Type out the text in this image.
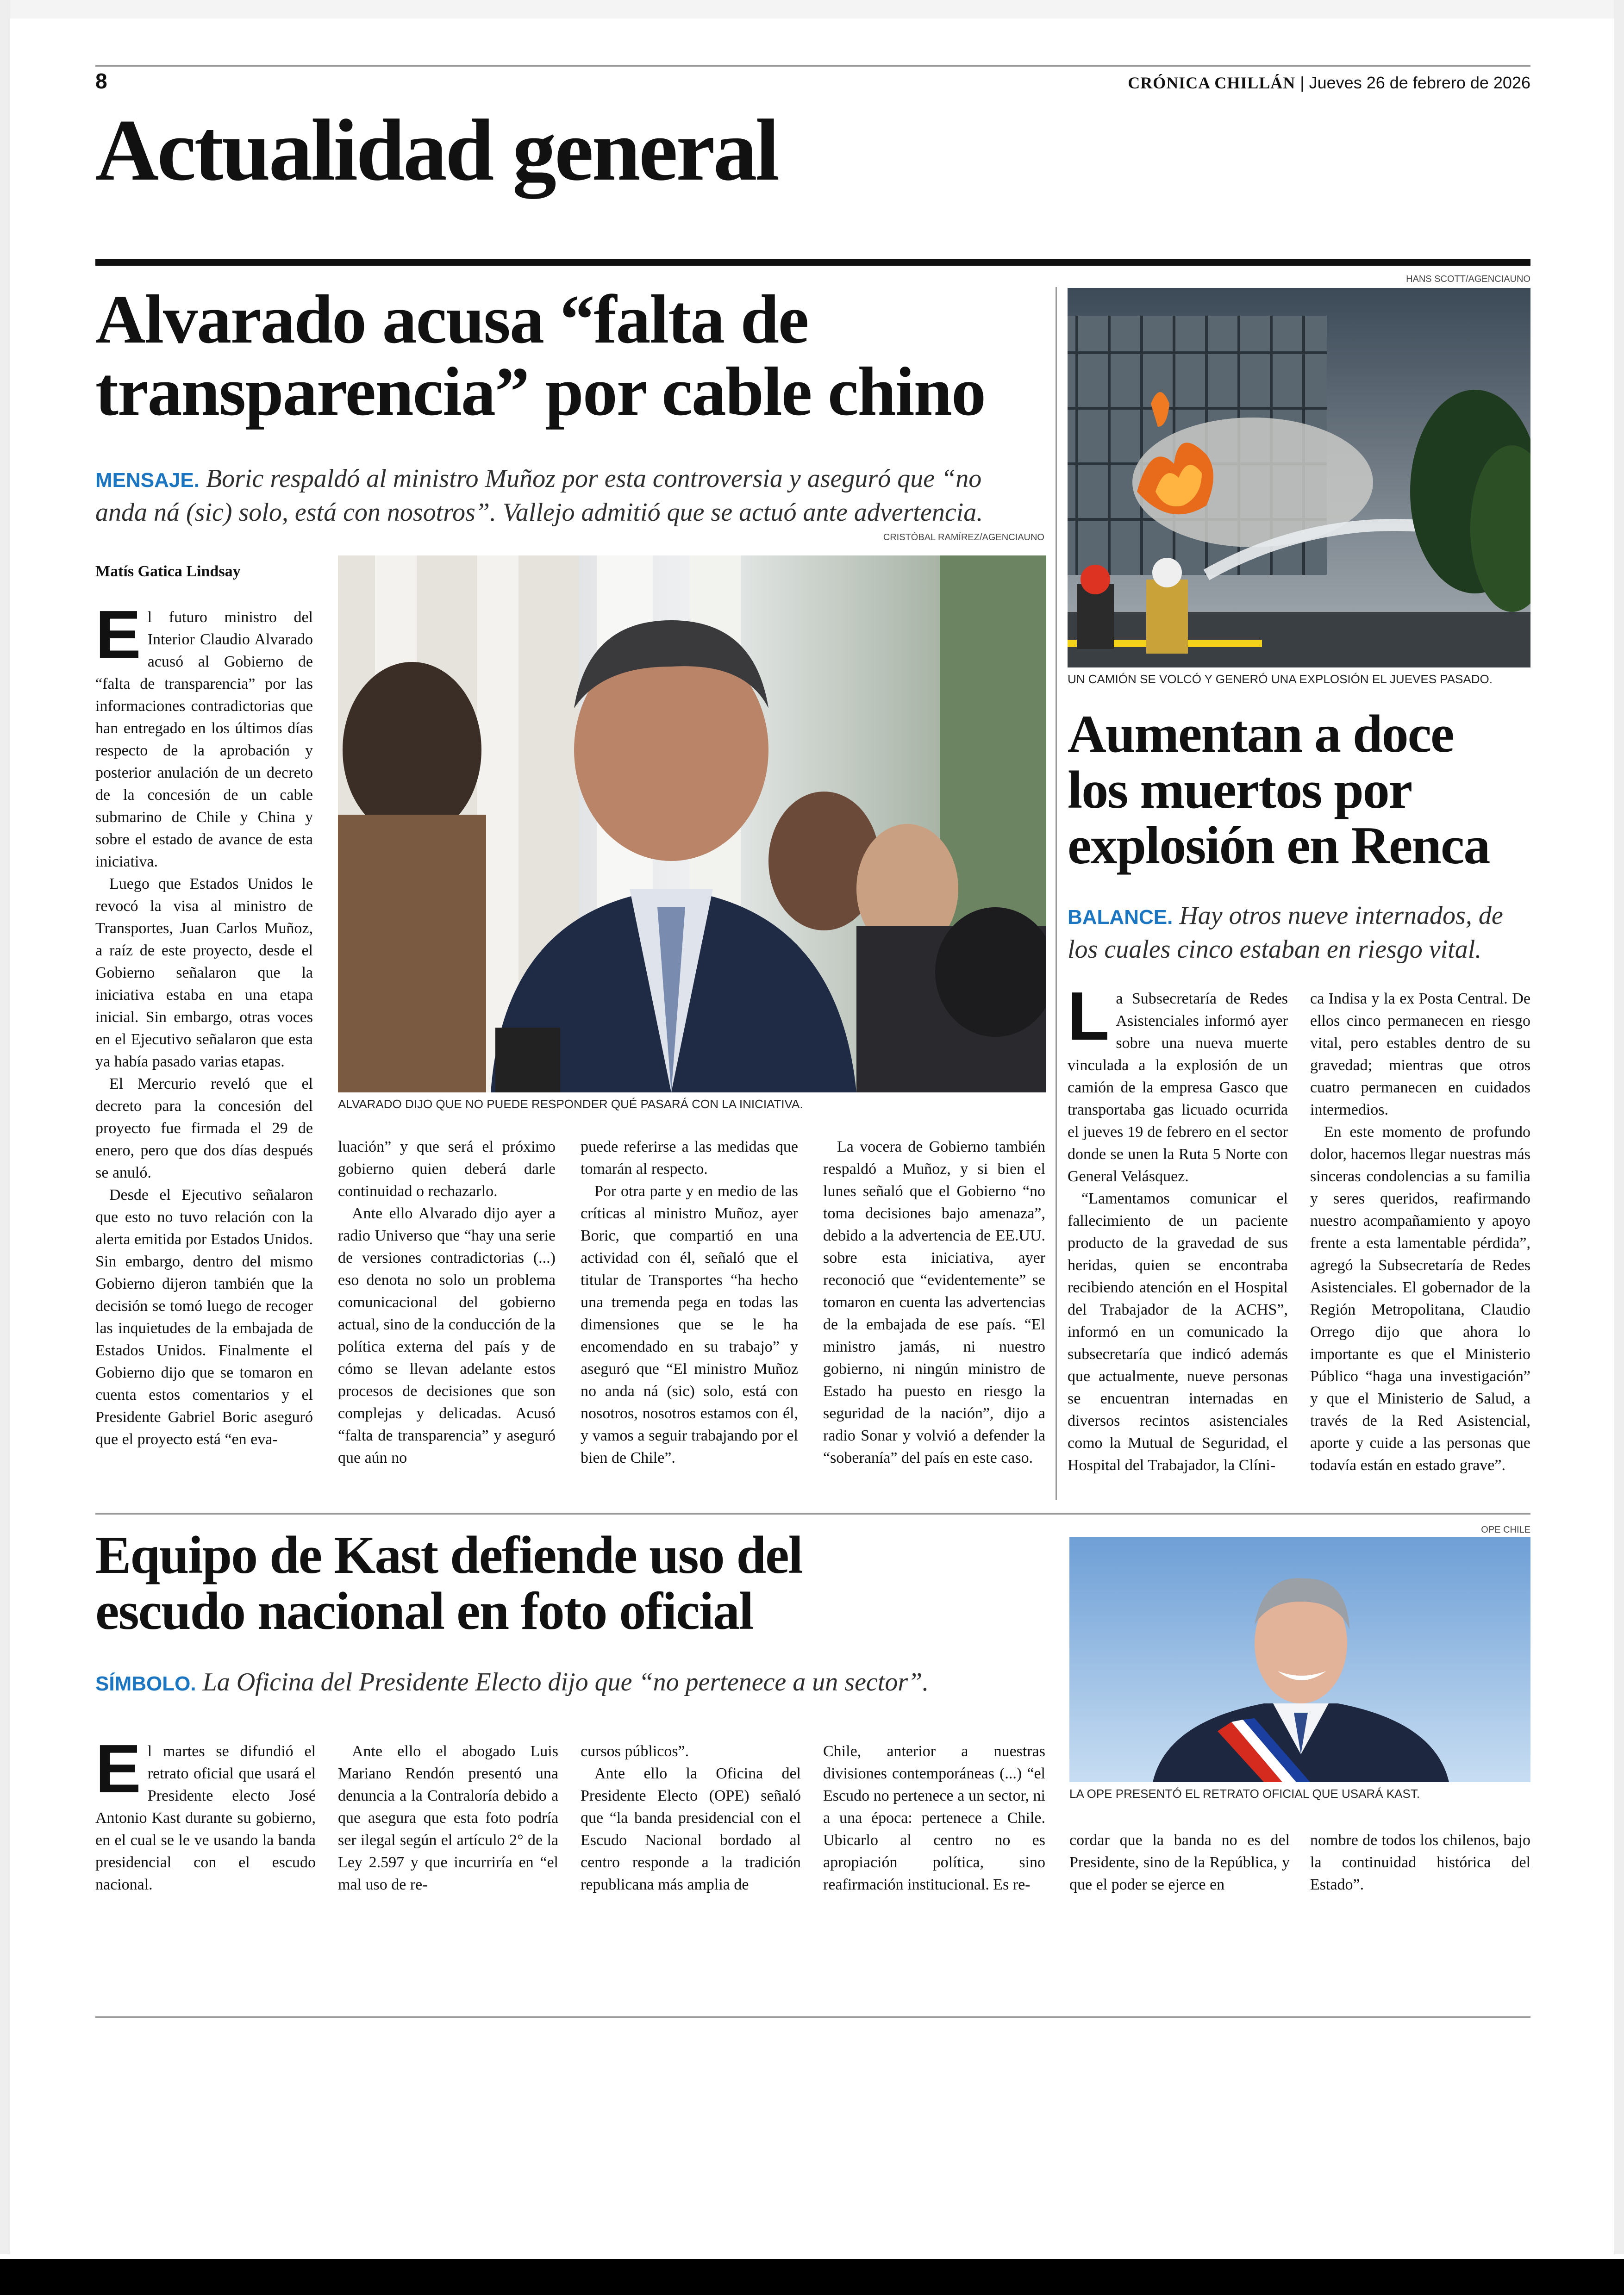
8	CRÓNICA CHILLÁN | Jueves 26 de febrero de 2026
Actualidad general
Alvarado acusa “falta de
transparencia” por cable chino
MENSAJE. Boric respaldó al ministro Muñoz por esta controversia y aseguró que “no anda ná (sic) solo, está con nosotros”. Vallejo admitió que se actuó ante advertencia.
CRISTÓBAL RAMÍREZ/AGENCIAUNO
Matís Gatica Lindsay
ALVARADO DIJO QUE NO PUEDE RESPONDER QUÉ PASARÁ CON LA INICIATIVA.

El futuro ministro del Interior Claudio Alvarado acusó al Gobierno de “falta de transparencia” por las informaciones contradictorias que han entregado en los últimos días respecto de la aprobación y posterior anulación de un decreto de la concesión de un cable submarino de Chile y China y sobre el estado de avance de esta iniciativa.

Luego que Estados Unidos le revocó la visa al ministro de Transportes, Juan Carlos Muñoz, a raíz de este proyecto, desde el Gobierno señalaron que la iniciativa estaba en una etapa inicial. Sin embargo, otras voces en el Ejecutivo señalaron que esta ya había pasado varias etapas.

El Mercurio reveló que el decreto para la concesión del proyecto fue firmada el 29 de enero, pero que dos días después se anuló.

Desde el Ejecutivo señalaron que esto no tuvo relación con la alerta emitida por Estados Unidos. Sin embargo, dentro del mismo Gobierno dijeron también que la decisión se tomó luego de recoger las inquietudes de la embajada de Estados Unidos. Finalmente el Gobierno dijo que se tomaron en cuenta estos comentarios y el Presidente Gabriel Boric aseguró que el proyecto está “en eva-

luación” y que será el próximo gobierno quien deberá darle continuidad o rechazarlo.

Ante ello Alvarado dijo ayer a radio Universo que “hay una serie de versiones contradictorias (...) eso denota no solo un problema comunicacional del gobierno actual, sino de la conducción de la política externa del país y de cómo se llevan adelante estos procesos de decisiones que son complejas y delicadas. Acusó “falta de transparencia” y aseguró que aún no

puede referirse a las medidas que tomarán al respecto.

Por otra parte y en medio de las críticas al ministro Muñoz, ayer Boric, que compartió en una actividad con él, señaló que el titular de Transportes “ha hecho una tremenda pega en todas las dimensiones que se le ha encomendado en su trabajo” y aseguró que “El ministro Muñoz no anda ná (sic) solo, está con nosotros, nosotros estamos con él, y vamos a seguir trabajando por el bien de Chile”.

La vocera de Gobierno también respaldó a Muñoz, y si bien el lunes señaló que el Gobierno “no toma decisiones bajo amenaza”, debido a la advertencia de EE.UU. sobre esta iniciativa, ayer reconoció que “evidentemente” se tomaron en cuenta las advertencias de la embajada de ese país. “El ministro jamás, ni nuestro gobierno, ni ningún ministro de Estado ha puesto en riesgo la seguridad de la nación”, dijo a radio Sonar y volvió a defender la “soberanía” del país en este caso.

HANS SCOTT/AGENCIAUNO
UN CAMIÓN SE VOLCÓ Y GENERÓ UNA EXPLOSIÓN EL JUEVES PASADO.
Aumentan a doce
los muertos por
explosión en Renca
BALANCE. Hay otros nueve internados, de los cuales cinco estaban en riesgo vital.

La Subsecretaría de Redes Asistenciales informó ayer sobre una nueva muerte vinculada a la explosión de un camión de la empresa Gasco que transportaba gas licuado ocurrida el jueves 19 de febrero en el sector donde se unen la Ruta 5 Norte con General Velásquez.

“Lamentamos comunicar el fallecimiento de un paciente producto de la gravedad de sus heridas, quien se encontraba recibiendo atención en el Hospital del Trabajador de la ACHS”, informó en un comunicado la subsecretaría que indicó además que actualmente, nueve personas se encuentran internadas en diversos recintos asistenciales como la Mutual de Seguridad, el Hospital del Trabajador, la Clíni-

ca Indisa y la ex Posta Central. De ellos cinco permanecen en riesgo vital, pero estables dentro de su gravedad; mientras que otros cuatro permanecen en cuidados intermedios.

En este momento de profundo dolor, hacemos llegar nuestras más sinceras condolencias a su familia y seres queridos, reafirmando nuestro acompañamiento y apoyo frente a esta lamentable pérdida”, agregó la Subsecretaría de Redes Asistenciales. El gobernador de la Región Metropolitana, Claudio Orrego dijo que ahora lo importante es que el Ministerio Público “haga una investigación” y que el Ministerio de Salud, a través de la Red Asistencial, aporte y cuide a las personas que todavía están en estado grave”.

Equipo de Kast defiende uso del
escudo nacional en foto oficial
SÍMBOLO. La Oficina del Presidente Electo dijo que “no pertenece a un sector”.
OPE CHILE
LA OPE PRESENTÓ EL RETRATO OFICIAL QUE USARÁ KAST.

El martes se difundió el retrato oficial que usará el Presidente electo José Antonio Kast durante su gobierno, en el cual se le ve usando la banda presidencial con el escudo nacional.

Ante ello el abogado Luis Mariano Rendón presentó una denuncia a la Contraloría debido a que asegura que esta foto podría ser ilegal según el artículo 2° de la Ley 2.597 y que incurriría en “el mal uso de re-

cursos públicos”.

Ante ello la Oficina del Presidente Electo (OPE) señaló que “la banda presidencial con el Escudo Nacional bordado al centro responde a la tradición republicana más amplia de

Chile, anterior a nuestras divisiones contemporáneas (...) “el Escudo no pertenece a un sector, ni a una época: pertenece a Chile. Ubicarlo al centro no es apropiación política, sino reafirmación institucional. Es re-

cordar que la banda no es del Presidente, sino de la República, y que el poder se ejerce en

nombre de todos los chilenos, bajo la continuidad histórica del Estado”.
